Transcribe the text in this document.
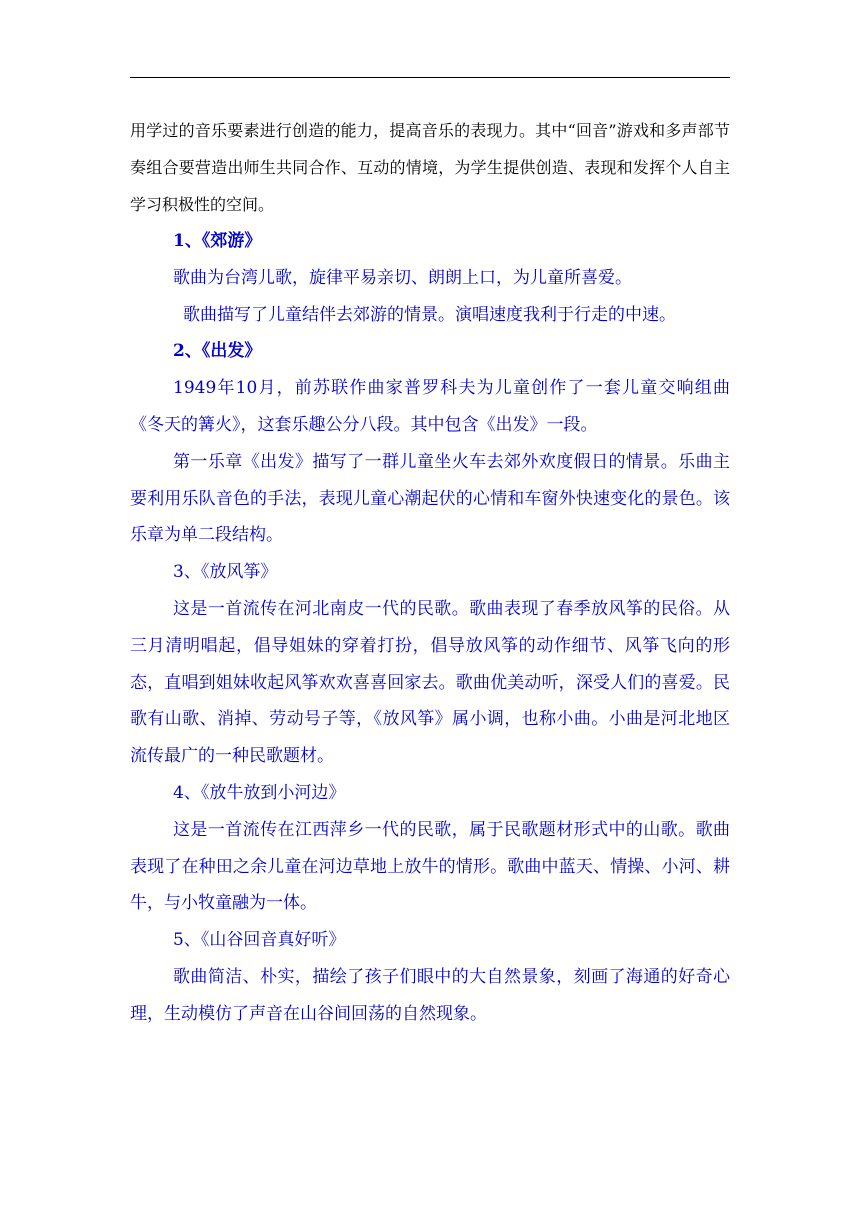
用学过的音乐要素进行创造的能力，提高音乐的表现力。其中“回音”游戏和多声部节奏组合要营造出师生共同合作、互动的情境，为学生提供创造、表现和发挥个人自主学习积极性的空间。

1、《郊游》

歌曲为台湾儿歌，旋律平易亲切、朗朗上口，为儿童所喜爱。

歌曲描写了儿童结伴去郊游的情景。演唱速度我利于行走的中速。

2、《出发》

1949年10月，前苏联作曲家普罗科夫为儿童创作了一套儿童交响组曲《冬天的篝火》，这套乐趣公分八段。其中包含《出发》一段。

第一乐章《出发》描写了一群儿童坐火车去郊外欢度假日的情景。乐曲主要利用乐队音色的手法，表现儿童心潮起伏的心情和车窗外快速变化的景色。该乐章为单二段结构。

3、《放风筝》

这是一首流传在河北南皮一代的民歌。歌曲表现了春季放风筝的民俗。从三月清明唱起，倡导姐妹的穿着打扮，倡导放风筝的动作细节、风筝飞向的形态，直唱到姐妹收起风筝欢欢喜喜回家去。歌曲优美动听，深受人们的喜爱。民歌有山歌、消掉、劳动号子等，《放风筝》属小调，也称小曲。小曲是河北地区流传最广的一种民歌题材。

4、《放牛放到小河边》

这是一首流传在江西萍乡一代的民歌，属于民歌题材形式中的山歌。歌曲表现了在种田之余儿童在河边草地上放牛的情形。歌曲中蓝天、情操、小河、耕牛，与小牧童融为一体。

5、《山谷回音真好听》

歌曲简洁、朴实，描绘了孩子们眼中的大自然景象，刻画了海通的好奇心理，生动模仿了声音在山谷间回荡的自然现象。
